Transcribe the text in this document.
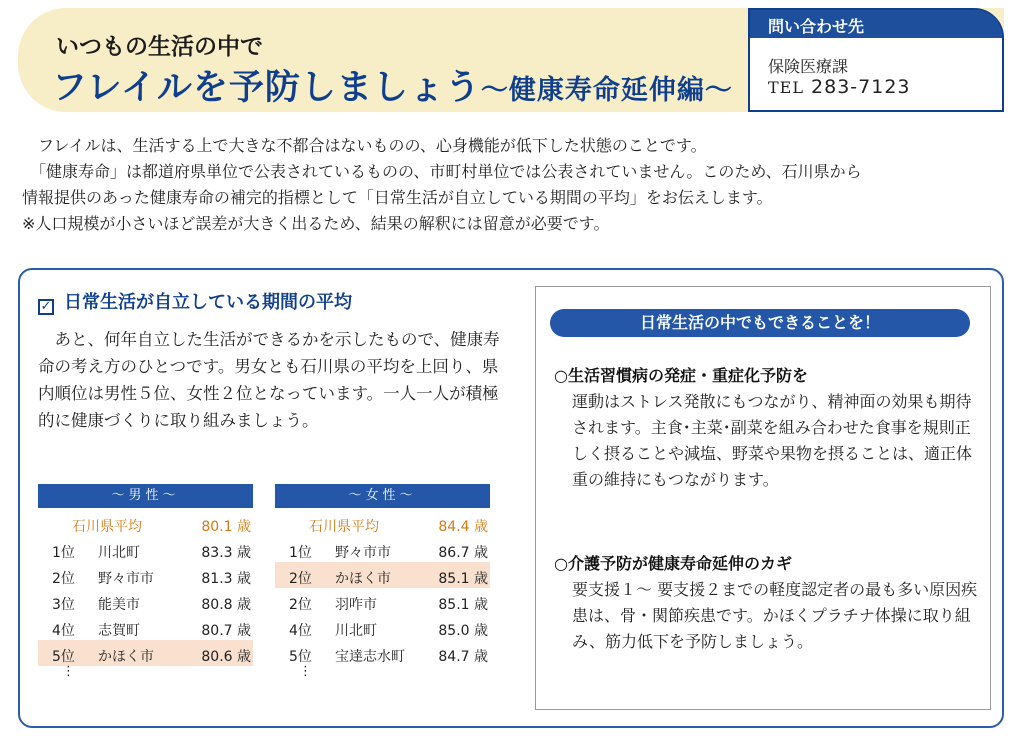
いつもの生活の中で
フレイルを予防しましょう～健康寿命延伸編～
問い合わせ先
保険医療課
TEL 283-7123

　フレイルは、生活する上で大きな不都合はないものの、心身機能が低下した状態のことです。

　「健康寿命」は都道府県単位で公表されているものの、市町村単位では公表されていません。このため、石川県から

情報提供のあった健康寿命の補完的指標として「日常生活が自立している期間の平均」をお伝えします。

※人口規模が小さいほど誤差が大きく出るため、結果の解釈には留意が必要です。

✓ 日常生活が自立している期間の平均
　あと、何年自立した生活ができるかを示したもので、健康寿命の考え方のひとつです。男女とも石川県の平均を上回り、県内順位は男性５位、女性２位となっています。一人一人が積極的に健康づくりに取り組みましょう。
～男性～
石川県平均	80.1 歳
1位 川北町	83.3 歳
2位 野々市市	81.3 歳
3位 能美市	80.8 歳
4位 志賀町	80.7 歳
5位 かほく市	80.6 歳
⋮
～女性～
石川県平均	84.4 歳
1位 野々市市	86.7 歳
2位 かほく市	85.1 歳
2位 羽咋市	85.1 歳
4位 川北町	85.0 歳
5位 宝達志水町 84.7 歳
⋮
日常生活の中でもできることを！
○生活習慣病の発症・重症化予防を
運動はストレス発散にもつながり、精神面の効果も期待されます。主食･主菜･副菜を組み合わせた食事を規則正しく摂ることや減塩、野菜や果物を摂ることは、適正体重の維持にもつながります。
○介護予防が健康寿命延伸のカギ
要支援１～ 要支援２までの軽度認定者の最も多い原因疾患は、骨・関節疾患です。かほくプラチナ体操に取り組み、筋力低下を予防しましょう。
